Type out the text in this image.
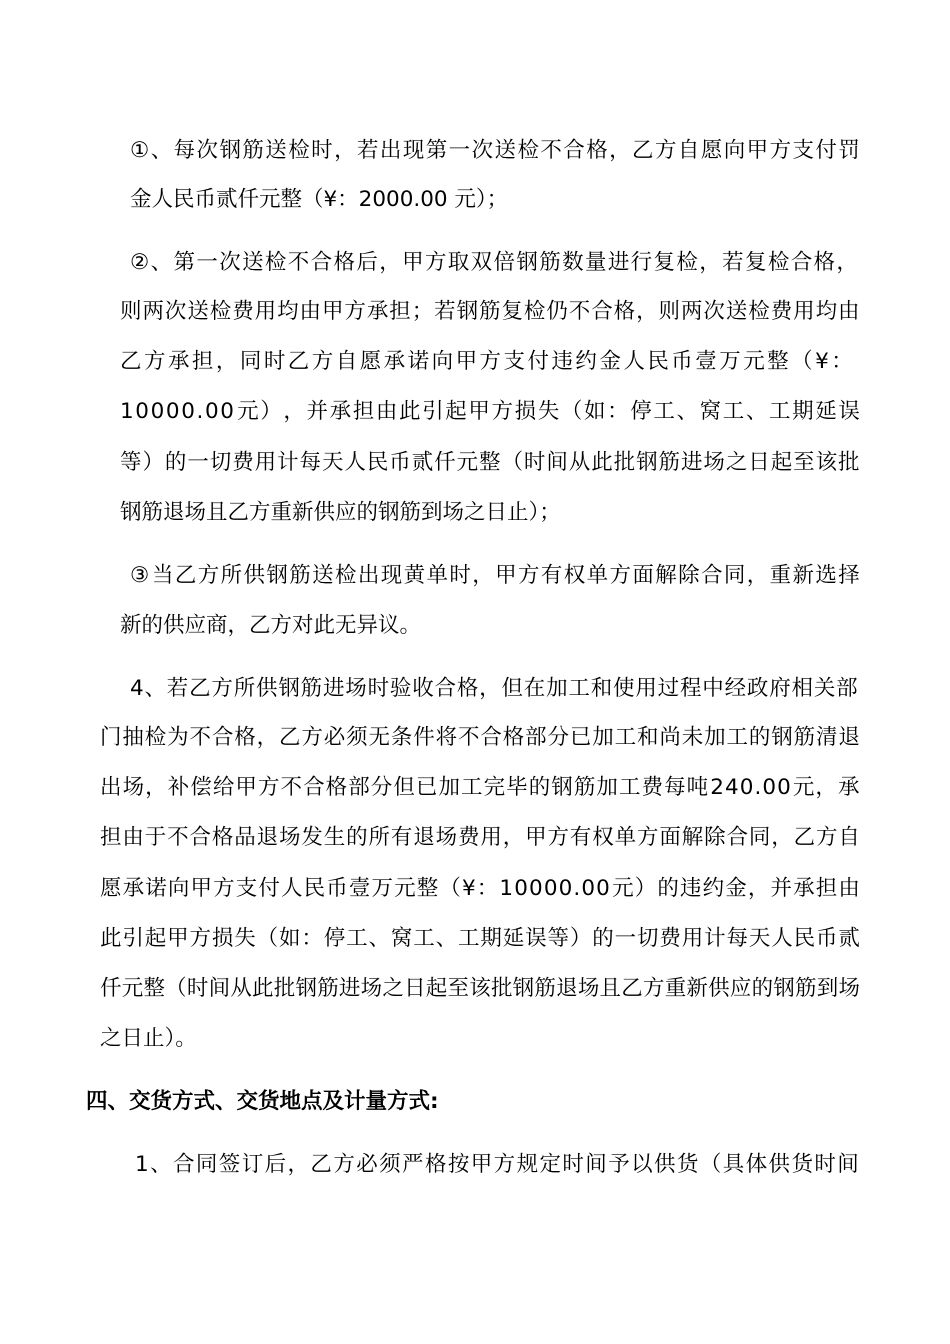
① 、 每 次 钢 筋 送 检 时 ， 若 出 现 第 一 次 送 检 不 合 格 ， 乙 方 自 愿 向 甲 方 支 付 罚
金人民币贰仟元整（¥：2000.00 元）；
② 、 第 一 次 送 检 不 合 格 后 ， 甲 方 取 双 倍 钢 筋 数 量 进 行 复 检 ， 若 复 检 合 格 ，
则 两 次 送 检 费 用 均 由 甲 方 承 担 ； 若 钢 筋 复 检 仍 不 合 格 ， 则 两 次 送 检 费 用 均 由
乙 方 承 担 ， 同 时 乙 方 自 愿 承 诺 向 甲 方 支 付 违 约 金 人 民 币 壹 万 元 整 （ ¥ ：
1 0 0 0 0 . 0 0 元 ） ， 并 承 担 由 此 引 起 甲 方 损 失 （ 如 ： 停 工 、 窝 工 、 工 期 延 误
等 ） 的 一 切 费 用 计 每 天 人 民 币 贰 仟 元 整 （ 时 间 从 此 批 钢 筋 进 场 之 日 起 至 该 批
钢筋退场且乙方重新供应的钢筋到场之日止）；
③ 当 乙 方 所 供 钢 筋 送 检 出 现 黄 单 时 ， 甲 方 有 权 单 方 面 解 除 合 同 ， 重 新 选 择
新的供应商，乙方对此无异议。
4 、 若 乙 方 所 供 钢 筋 进 场 时 验 收 合 格 ， 但 在 加 工 和 使 用 过 程 中 经 政 府 相 关 部
门 抽 检 为 不 合 格 ， 乙 方 必 须 无 条 件 将 不 合 格 部 分 已 加 工 和 尚 未 加 工 的 钢 筋 清 退
出 场 ， 补 偿 给 甲 方 不 合 格 部 分 但 已 加 工 完 毕 的 钢 筋 加 工 费 每 吨 2 4 0 . 0 0 元 ， 承
担 由 于 不 合 格 品 退 场 发 生 的 所 有 退 场 费 用 ， 甲 方 有 权 单 方 面 解 除 合 同 ， 乙 方 自
愿 承 诺 向 甲 方 支 付 人 民 币 壹 万 元 整 （ ¥ ： 1 0 0 0 0 . 0 0 元 ） 的 违 约 金 ， 并 承 担 由
此 引 起 甲 方 损 失 （ 如 ： 停 工 、 窝 工 、 工 期 延 误 等 ） 的 一 切 费 用 计 每 天 人 民 币 贰
仟 元 整 （ 时 间 从 此 批 钢 筋 进 场 之 日 起 至 该 批 钢 筋 退 场 且 乙 方 重 新 供 应 的 钢 筋 到 场
之日止）。
四、交货方式、交货地点及计量方式:
1 、 合 同 签 订 后 ， 乙 方 必 须 严 格 按 甲 方 规 定 时 间 予 以 供 货 （ 具 体 供 货 时 间
